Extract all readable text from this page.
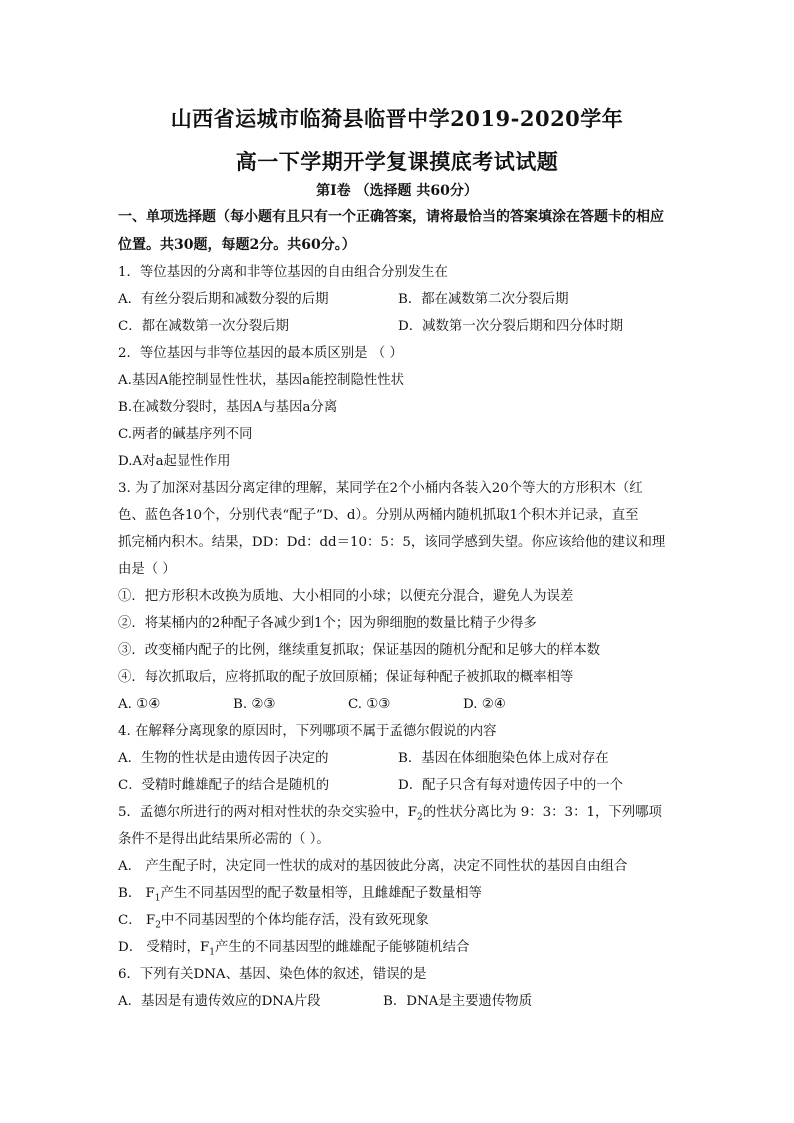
山西省运城市临猗县临晋中学2019-2020学年
高一下学期开学复课摸底考试试题
第Ⅰ卷 （选择题 共60分）
一、单项选择题（每小题有且只有一个正确答案，请将最恰当的答案填涂在答题卡的相应
位置。共30题，每题2分。共60分。）
1．等位基因的分离和非等位基因的自由组合分别发生在
A．有丝分裂后期和减数分裂的后期	B．都在减数第二次分裂后期
C．都在减数第一次分裂后期	D．减数第一次分裂后期和四分体时期
2．等位基因与非等位基因的最本质区别是 （ ）
A.基因A能控制显性性状，基因a能控制隐性性状
B.在减数分裂时，基因A与基因a分离
C.两者的碱基序列不同
D.A对a起显性作用
3. 为了加深对基因分离定律的理解，某同学在2个小桶内各装入20个等大的方形积木（红
色、蓝色各10个，分别代表“配子”D、d）。分别从两桶内随机抓取1个积木并记录，直至
抓完桶内积木。结果，DD：Dd：dd＝10：5：5，该同学感到失望。你应该给他的建议和理
由是（ ）
①．把方形积木改换为质地、大小相同的小球；以便充分混合，避免人为误差
②．将某桶内的2种配子各减少到1个；因为卵细胞的数量比精子少得多
③．改变桶内配子的比例，继续重复抓取；保证基因的随机分配和足够大的样本数
④．每次抓取后，应将抓取的配子放回原桶；保证每种配子被抓取的概率相等
A. ①④	B. ②③	C. ①③	D. ②④
4. 在解释分离现象的原因时，下列哪项不属于孟德尔假说的内容
A．生物的性状是由遗传因子决定的	B．基因在体细胞染色体上成对存在
C．受精时雌雄配子的结合是随机的	D．配子只含有每对遗传因子中的一个
5．孟德尔所进行的两对相对性状的杂交实验中，$F_2$的性状分离比为 9：3：3：1，下列哪项
条件不是得出此结果所必需的（ ）。
A． 产生配子时，决定同一性状的成对的基因彼此分离，决定不同性状的基因自由组合
B． $F_1$产生不同基因型的配子数量相等，且雌雄配子数量相等
C． $F_2$中不同基因型的个体均能存活，没有致死现象
D． 受精时，$F_1$产生的不同基因型的雌雄配子能够随机结合
6．下列有关DNA、基因、染色体的叙述，错误的是
A．基因是有遗传效应的DNA片段	B．DNA是主要遗传物质
